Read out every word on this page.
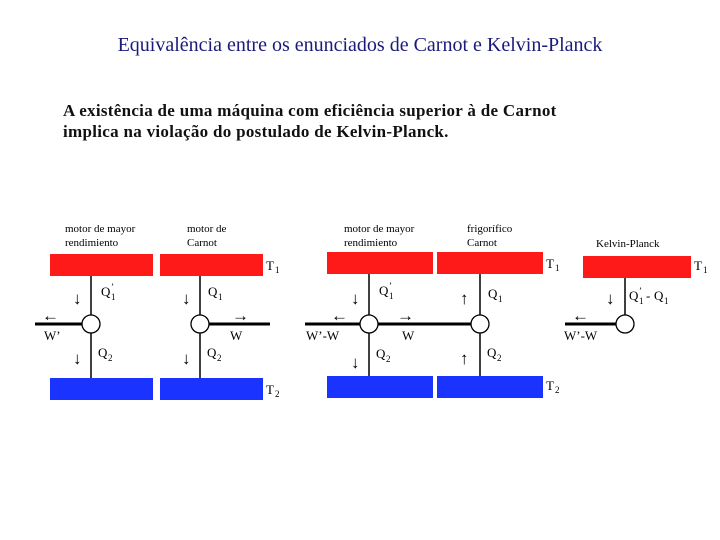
Equivalência entre os enunciados de Carnot e Kelvin-Planck
A existência de uma máquina com eficiência superior à de Carnot
implica na violação do postulado de Kelvin-Planck.
motor de mayor
rendimiento
motor de
Carnot
T 1
T 2
↓ Q ’
1
←
W’
↓ Q 2
↓ Q 1
→
W
↓ Q 2
motor de mayor
rendimiento
frigorífico
Carnot
T 1
T 2
↓ Q ’
1
←	→
W’-W	W
↓ Q 2
↑ Q 1
↑ Q 2
Kelvin-Planck
T 1
↓ Q ’
1 - Q 1
←
W’-W
